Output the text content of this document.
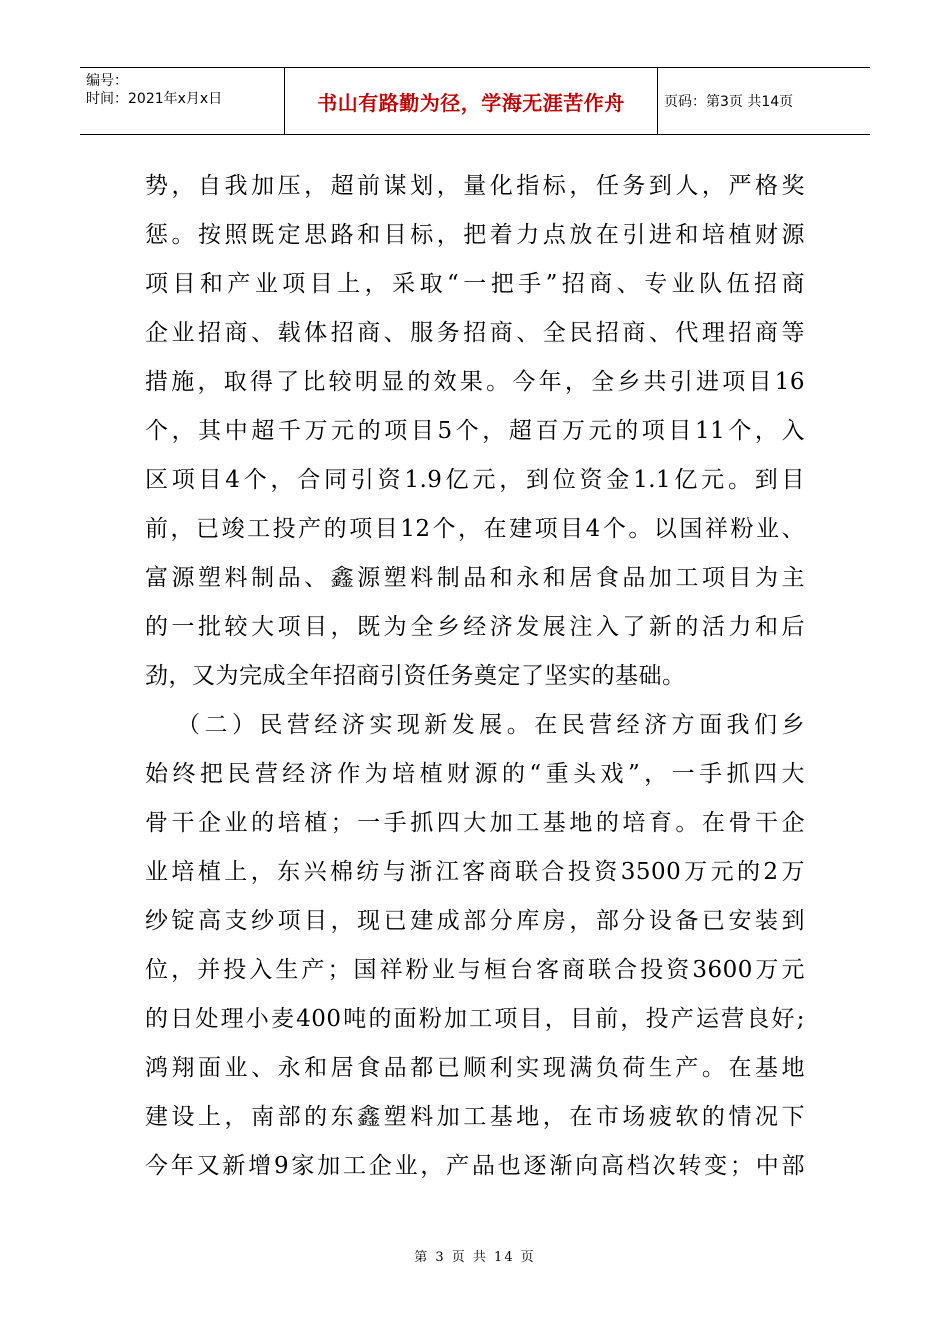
编号：
时间：2021年x月x日	书山有路勤为径，学海无涯苦作舟	页码：第3页 共14页
势，自我加压，超前谋划，量化指标，任务到人，严格奖
惩。按照既定思路和目标，把着力点放在引进和培植财源
项目和产业项目上，采取“一把手”招商、专业队伍招商
企业招商、载体招商、服务招商、全民招商、代理招商等
措施，取得了比较明显的效果。今年，全乡共引进项目16
个，其中超千万元的项目5个，超百万元的项目11个，入
区项目4个，合同引资1.9亿元，到位资金1.1亿元。到目
前，已竣工投产的项目12个，在建项目4个。以国祥粉业、
富源塑料制品、鑫源塑料制品和永和居食品加工项目为主
的一批较大项目，既为全乡经济发展注入了新的活力和后
劲，又为完成全年招商引资任务奠定了坚实的基础。
（二）民营经济实现新发展。在民营经济方面我们乡
始终把民营经济作为培植财源的“重头戏”，一手抓四大
骨干企业的培植；一手抓四大加工基地的培育。在骨干企
业培植上，东兴棉纺与浙江客商联合投资3500万元的2万
纱锭高支纱项目，现已建成部分库房，部分设备已安装到
位，并投入生产；国祥粉业与桓台客商联合投资3600万元
的日处理小麦400吨的面粉加工项目，目前，投产运营良好;
鸿翔面业、永和居食品都已顺利实现满负荷生产。在基地
建设上，南部的东鑫塑料加工基地，在市场疲软的情况下
今年又新增9家加工企业，产品也逐渐向高档次转变；中部
第 3 页 共 14 页
